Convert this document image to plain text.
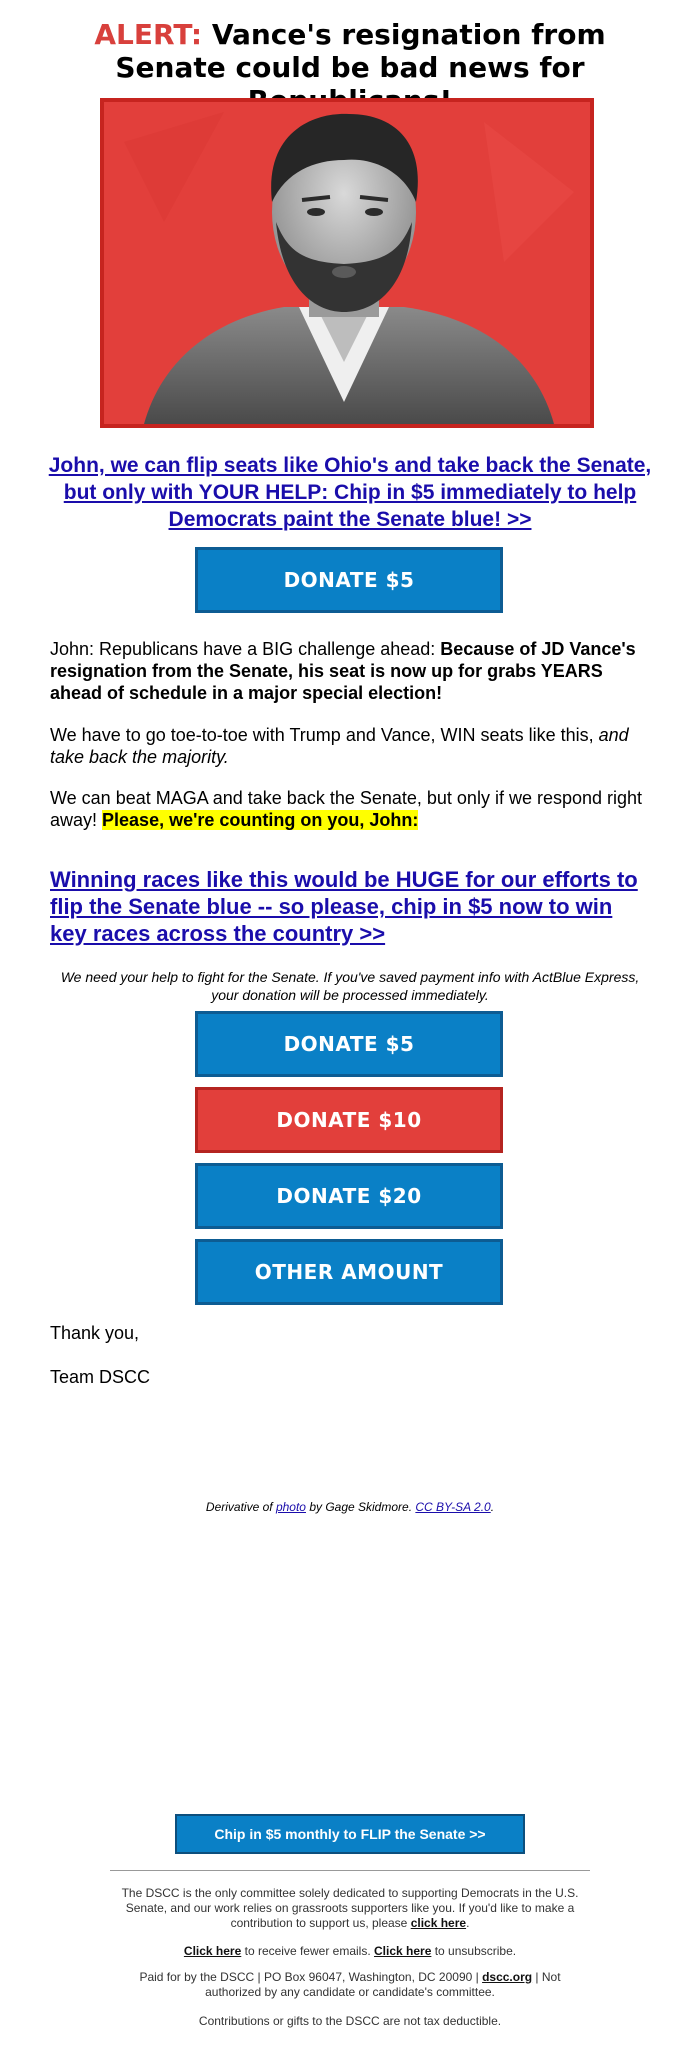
ALERT: Vance's resignation from Senate could be bad news for
John, we can flip seats like Ohio's and take back the Senate, but only with YOUR HELP: Chip in $5 immediately to help Democrats paint the Senate blue! >>
DONATE $5
John: Republicans have a BIG challenge ahead: Because of JD Vance's resignation from the Senate, his seat is now up for grabs YEARS ahead of schedule in a major special election!
We have to go toe-to-toe with Trump and Vance, WIN seats like this, and take back the majority.
We can beat MAGA and take back the Senate, but only if we respond right away! Please, we're counting on you, John:
Winning races like this would be HUGE for our efforts to flip the Senate blue -- so please, chip in $5 now to win key races across the country >>
We need your help to fight for the Senate. If you've saved payment info with ActBlue Express, your donation will be processed immediately.
DONATE $5
DONATE $10
DONATE $20
OTHER AMOUNT
Thank you,
Team DSCC
Derivative of photo by Gage Skidmore. CC BY-SA 2.0.
Chip in $5 monthly to FLIP the Senate >>
The DSCC is the only committee solely dedicated to supporting Democrats in the U.S. Senate, and our work relies on grassroots supporters like you. If you'd like to make a contribution to support us, please click here.
Click here to receive fewer emails. Click here to unsubscribe.
Paid for by the DSCC | PO Box 96047, Washington, DC 20090 | dscc.org | Not authorized by any candidate or candidate's committee.
Contributions or gifts to the DSCC are not tax deductible.
